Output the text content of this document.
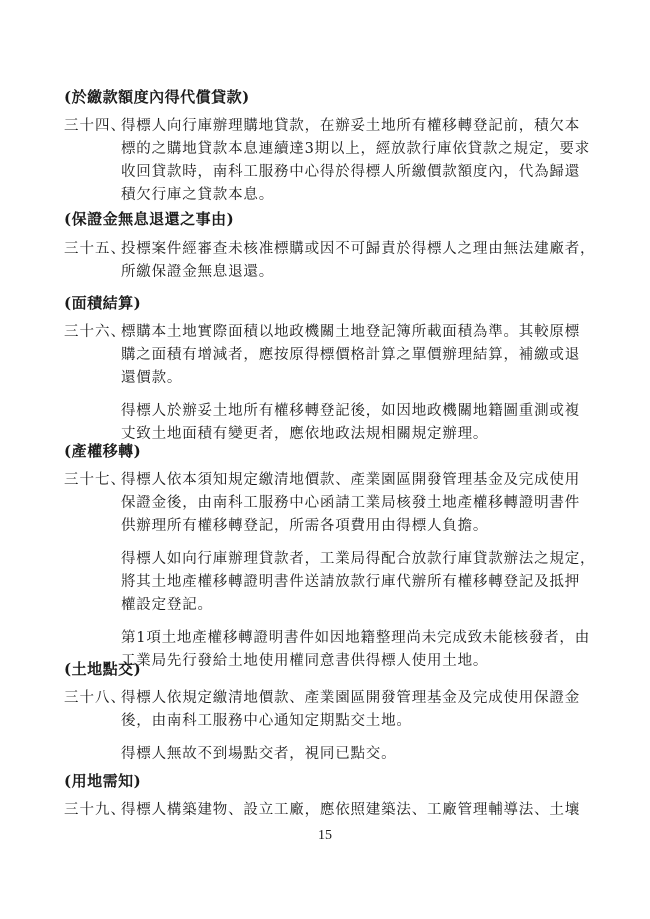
(於繳款額度內得代償貸款)
三十四、
得標人向行庫辦理購地貸款，在辦妥土地所有權移轉登記前，積欠本
標的之購地貸款本息連續達3期以上，經放款行庫依貸款之規定，要求
收回貸款時，南科工服務中心得於得標人所繳價款額度內，代為歸還
積欠行庫之貸款本息。
(保證金無息退還之事由)
三十五、
投標案件經審查未核准標購或因不可歸責於得標人之理由無法建廠者，
所繳保證金無息退還。
(面積結算)
三十六、
標購本土地實際面積以地政機關土地登記簿所載面積為準。其較原標
購之面積有增減者，應按原得標價格計算之單價辦理結算，補繳或退
還價款。
得標人於辦妥土地所有權移轉登記後，如因地政機關地籍圖重測或複
丈致土地面積有變更者，應依地政法規相關規定辦理。
(產權移轉)
三十七、
得標人依本須知規定繳清地價款、產業園區開發管理基金及完成使用
保證金後，由南科工服務中心函請工業局核發土地產權移轉證明書件
供辦理所有權移轉登記，所需各項費用由得標人負擔。
得標人如向行庫辦理貸款者，工業局得配合放款行庫貸款辦法之規定，
將其土地產權移轉證明書件送請放款行庫代辦所有權移轉登記及抵押
權設定登記。
第1項土地產權移轉證明書件如因地籍整理尚未完成致未能核發者，由
工業局先行發給土地使用權同意書供得標人使用土地。
(土地點交)
三十八、
得標人依規定繳清地價款、產業園區開發管理基金及完成使用保證金
後，由南科工服務中心通知定期點交土地。
得標人無故不到場點交者，視同已點交。
(用地需知)
三十九、
得標人構築建物、設立工廠，應依照建築法、工廠管理輔導法、土壤
15
